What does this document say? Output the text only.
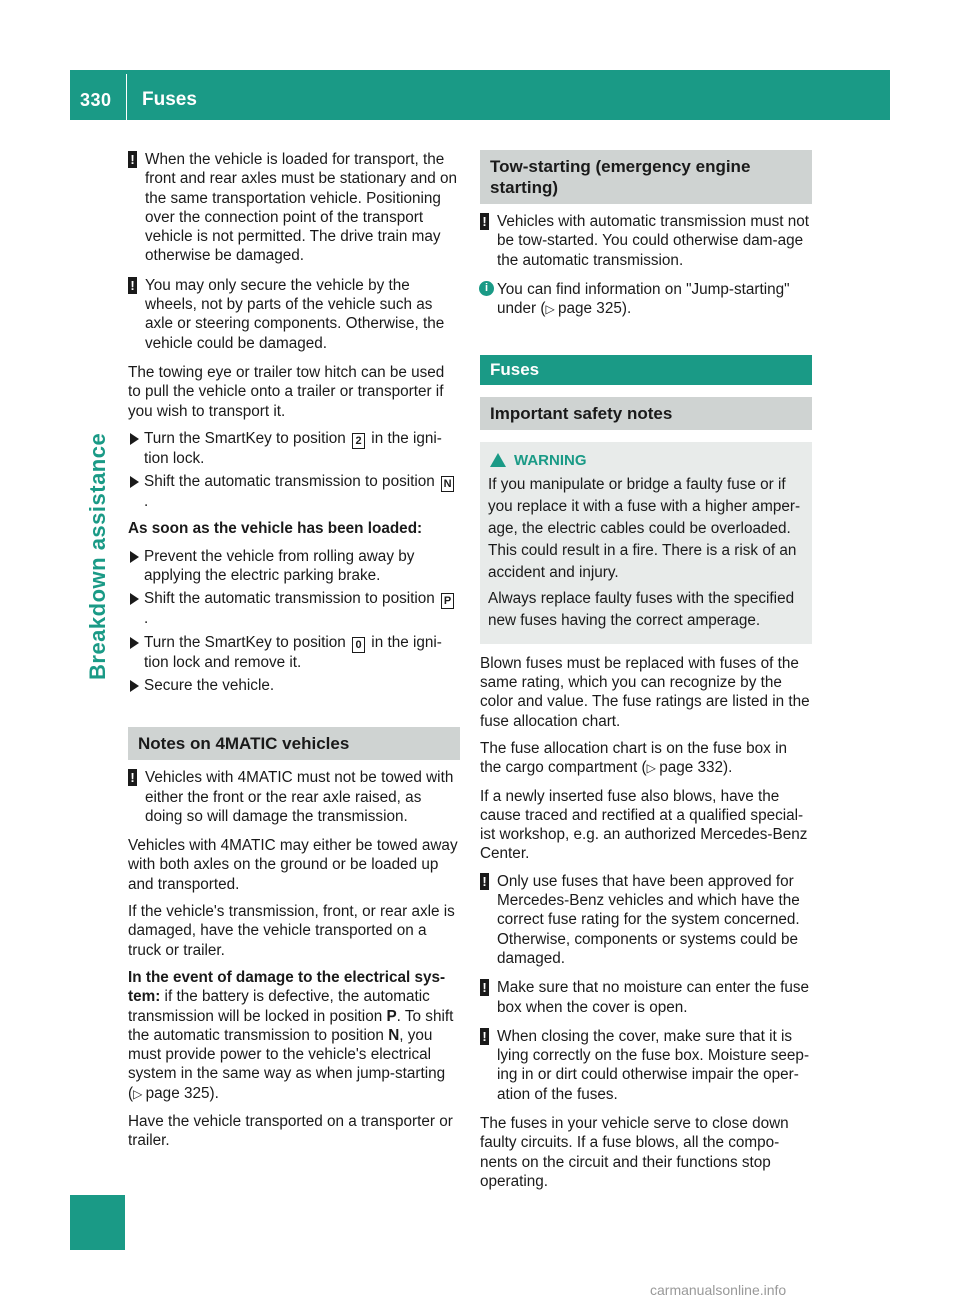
330 Fuses
Breakdown assistance
! When the vehicle is loaded for transport, the front and rear axles must be stationary and on the same transportation vehicle. Positioning over the connection point of the transport vehicle is not permitted. The drive train may otherwise be damaged.
! You may only secure the vehicle by the wheels, not by parts of the vehicle such as axle or steering components. Otherwise, the vehicle could be damaged.

The towing eye or trailer tow hitch can be used to pull the vehicle onto a trailer or transporter if you wish to transport it.

Turn the SmartKey to position 2 in the igni-tion lock.
Shift the automatic transmission to position N.

As soon as the vehicle has been loaded:

Prevent the vehicle from rolling away by applying the electric parking brake.
Shift the automatic transmission to position P.
Turn the SmartKey to position 0 in the igni-tion lock and remove it.
Secure the vehicle.
Notes on 4MATIC vehicles
! Vehicles with 4MATIC must not be towed with either the front or the rear axle raised, as doing so will damage the transmission.

Vehicles with 4MATIC may either be towed away with both axles on the ground or be loaded up and transported.

If the vehicle's transmission, front, or rear axle is damaged, have the vehicle transported on a truck or trailer.

In the event of damage to the electrical sys-tem: if the battery is defective, the automatic transmission will be locked in position P. To shift the automatic transmission to position N, you must provide power to the vehicle's electrical system in the same way as when jump-starting (▷ page 325).

Have the vehicle transported on a transporter or trailer.

Tow-starting (emergency engine starting)
! Vehicles with automatic transmission must not be tow-started. You could otherwise dam-age the automatic transmission.
i You can find information on "Jump-starting" under (▷ page 325).
Fuses
Important safety notes
WARNING

If you manipulate or bridge a faulty fuse or if you replace it with a fuse with a higher amper-age, the electric cables could be overloaded. This could result in a fire. There is a risk of an accident and injury.

Always replace faulty fuses with the specified new fuses having the correct amperage.

Blown fuses must be replaced with fuses of the same rating, which you can recognize by the color and value. The fuse ratings are listed in the fuse allocation chart.

The fuse allocation chart is on the fuse box in the cargo compartment (▷ page 332).

If a newly inserted fuse also blows, have the cause traced and rectified at a qualified special-ist workshop, e.g. an authorized Mercedes-Benz Center.

! Only use fuses that have been approved for Mercedes-Benz vehicles and which have the correct fuse rating for the system concerned. Otherwise, components or systems could be damaged.
! Make sure that no moisture can enter the fuse box when the cover is open.
! When closing the cover, make sure that it is lying correctly on the fuse box. Moisture seep-ing in or dirt could otherwise impair the oper-ation of the fuses.

The fuses in your vehicle serve to close down faulty circuits. If a fuse blows, all the compo-nents on the circuit and their functions stop operating.

carmanualsonline.info
